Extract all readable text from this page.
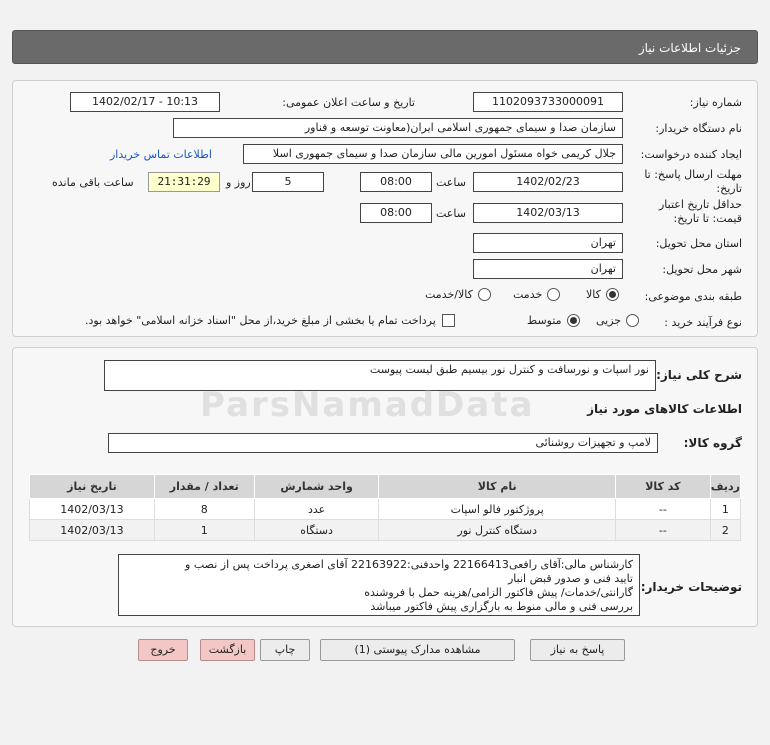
جزئیات اطلاعات نیاز
شماره نیاز:
1102093733000091
تاریخ و ساعت اعلان عمومی:
1402/02/17 - 10:13
نام دستگاه خریدار:
سازمان صدا و سیمای جمهوری اسلامی ایران(معاونت توسعه و فناور
ایجاد کننده درخواست:
جلال کریمی خواه مسئول امورین مالی سازمان صدا و سیمای جمهوری اسلا
اطلاعات تماس خریدار
مهلت ارسال پاسخ: تا تاریخ:
1402/02/23
ساعت
08:00
5
روز و
21:31:29
ساعت باقی مانده
حداقل تاریخ اعتبار قیمت: تا تاریخ:
1402/03/13
ساعت
08:00
استان محل تحویل:
تهران
شهر محل تحویل:
تهران
طبقه بندی موضوعی:
کالا
خدمت
کالا/خدمت
نوع فرآیند خرید :
جزیی
متوسط
پرداخت تمام یا بخشی از مبلغ خرید،از محل "اسناد خزانه اسلامی" خواهد بود.
شرح کلی نیاز:
نور اسپات و نورسافت و کنترل نور بیسیم طبق لیست پیوست
اطلاعات کالاهای مورد نیاز
ParsNamadData
گروه کالا:
لامپ و تجهیزات روشنائی
ردیف	کد کالا	نام کالا	واحد شمارش	تعداد / مقدار	تاریخ نیاز
1	--	پروژکتور فالو اسپات	عدد	8	1402/03/13
2	--	دستگاه کنترل نور	دستگاه	1	1402/03/13
توضیحات خریدار:
کارشناس مالی:آقای رافعی22166413 واحدفنی:22163922 آقای اصغری پرداخت پس از نصب و
تایید فنی و صدور قبض انبار
گارانتی/خدمات/ پیش فاکتور الزامی/هزینه حمل با فروشنده
بررسی فنی و مالی منوط به بارگزاری پیش فاکتور میباشد
پاسخ به نیاز
مشاهده مدارک پیوستی (1)
چاپ
بازگشت
خروج
